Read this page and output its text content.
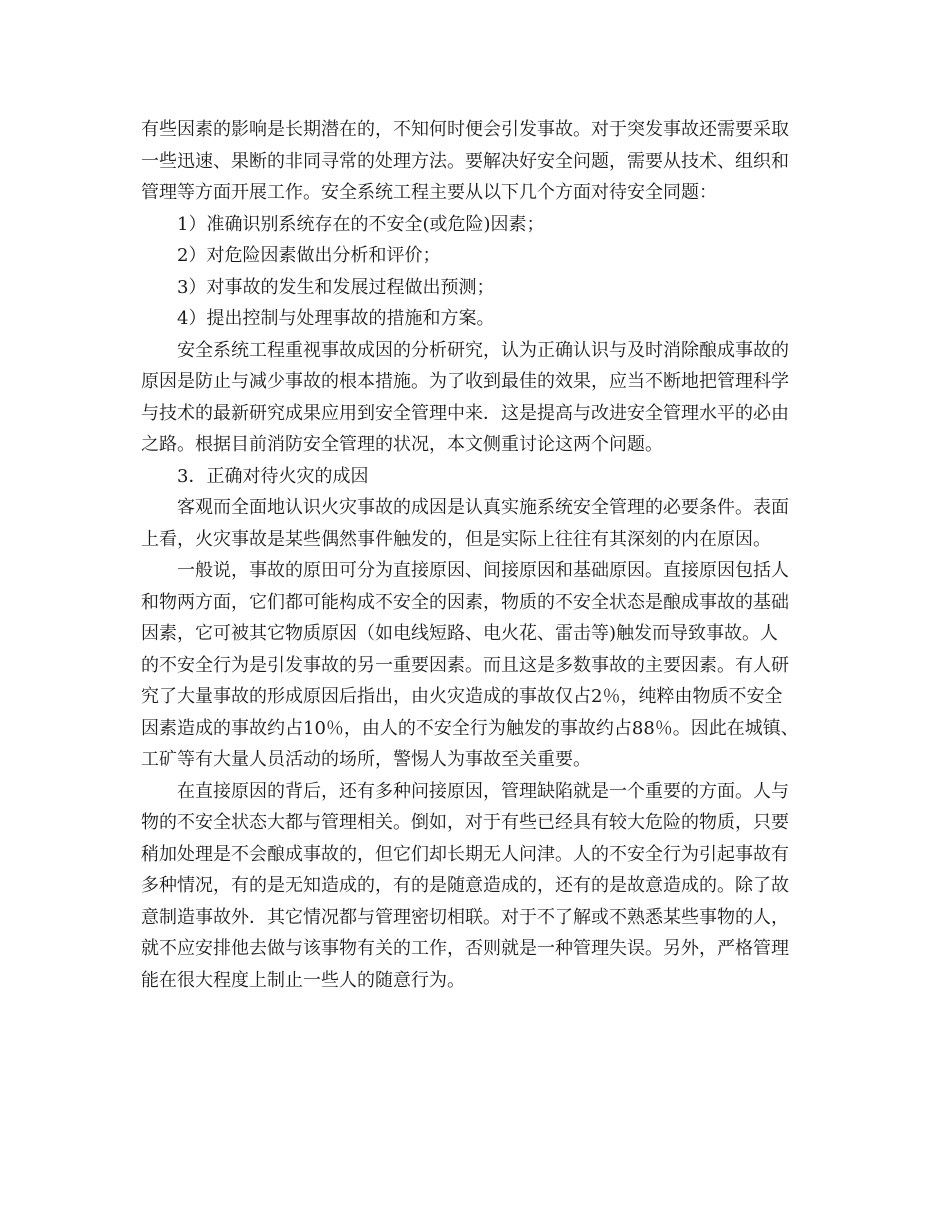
有些因素的影响是长期潜在的，不知何时便会引发事故。对于突发事故还需要采取
一些迅速、果断的非同寻常的处理方法。要解决好安全问题，需要从技术、组织和
管理等方面开展工作。安全系统工程主要从以下几个方面对待安全同题：
1）准确识别系统存在的不安全(或危险)因素；
2）对危险因素做出分析和评价；
3）对事故的发生和发展过程做出预测；
4）提出控制与处理事故的措施和方案。
安全系统工程重视事故成因的分析研究，认为正确认识与及时消除酿成事故的
原因是防止与减少事故的根本措施。为了收到最佳的效果，应当不断地把管理科学
与技术的最新研究成果应用到安全管理中来．这是提高与改进安全管理水平的必由
之路。根据目前消防安全管理的状况，本文侧重讨论这两个问题。
3．正确对待火灾的成因
客观而全面地认识火灾事故的成因是认真实施系统安全管理的必要条件。表面
上看，火灾事故是某些偶然事件触发的，但是实际上往往有其深刻的内在原因。
一般说，事故的原田可分为直接原因、间接原因和基础原因。直接原因包括人
和物两方面，它们都可能构成不安全的因素，物质的不安全状态是酿成事故的基础
因素，它可被其它物质原因（如电线短路、电火花、雷击等)触发而导致事故。人
的不安全行为是引发事故的另一重要因素。而且这是多数事故的主要因素。有人研
究了大量事故的形成原因后指出，由火灾造成的事故仅占2％，纯粹由物质不安全
因素造成的事故约占10％，由人的不安全行为触发的事故约占88％。因此在城镇、
工矿等有大量人员活动的场所，警惕人为事故至关重要。
在直接原因的背后，还有多种问接原因，管理缺陷就是一个重要的方面。人与
物的不安全状态大都与管理相关。倒如，对于有些已经具有较大危险的物质，只要
稍加处理是不会酿成事故的，但它们却长期无人问津。人的不安全行为引起事故有
多种情况，有的是无知造成的，有的是随意造成的，还有的是故意造成的。除了故
意制造事故外．其它情况都与管理密切相联。对于不了解或不熟悉某些事物的人，
就不应安排他去做与该事物有关的工作，否则就是一种管理失误。另外，严格管理
能在很大程度上制止一些人的随意行为。
